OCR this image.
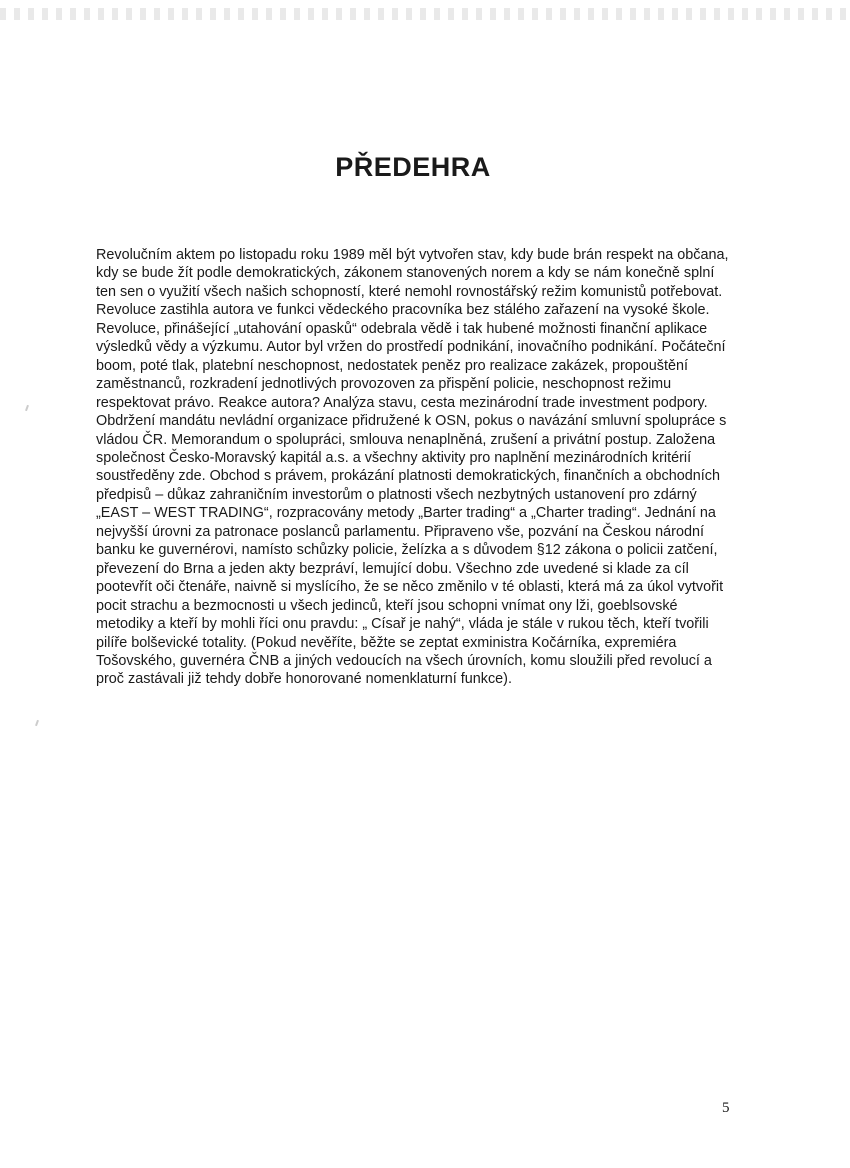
PŘEDEHRA

Revolučním aktem po listopadu roku 1989 měl být vytvořen stav, kdy bude brán respekt na občana, kdy se bude žít podle demokratických, zákonem stanovených norem a kdy se nám konečně splní ten sen o využití všech našich schopností, které nemohl rovnostářský režim komunistů potřebovat. Revoluce zastihla autora ve funkci vědeckého pracovníka bez stálého zařazení na vysoké škole. Revoluce, přinášející „utahování opasků“ odebrala vědě i tak hubené možnosti finanční aplikace výsledků vědy a výzkumu. Autor byl vržen do prostředí podnikání, inovačního podnikání. Počáteční boom, poté tlak, platební neschopnost, nedostatek peněz pro realizace zakázek, propouštění zaměstnanců, rozkradení jednotlivých provozoven za přispění policie, neschopnost režimu respektovat právo. Reakce autora? Analýza stavu, cesta mezinárodní trade investment podpory. Obdržení mandátu nevládní organizace přidružené k OSN, pokus o navázání smluvní spolupráce s vládou ČR. Memorandum o spolupráci, smlouva nenaplněná, zrušení a privátní postup. Založena společnost Česko-Moravský kapitál a.s. a všechny aktivity pro naplnění mezinárodních kritérií soustředěny zde. Obchod s právem, prokázání platnosti demokratických, finančních a obchodních předpisů – důkaz zahraničním investorům o platnosti všech nezbytných ustanovení pro zdárný „EAST – WEST TRADING“, rozpracovány metody „Barter trading“ a „Charter trading“. Jednání na nejvyšší úrovni za patronace poslanců parlamentu. Připraveno vše, pozvání na Českou národní banku ke guvernérovi, namísto schůzky policie, želízka a s důvodem §12 zákona o policii zatčení, převezení do Brna a jeden akty bezpráví, lemující dobu. Všechno zde uvedené si klade za cíl pootevřít oči čtenáře, naivně si myslícího, že se něco změnilo v té oblasti, která má za úkol vytvořit pocit strachu a bezmocnosti u všech jedinců, kteří jsou schopni vnímat ony lži, goeblsovské metodiky a kteří by mohli říci onu pravdu: „ Císař je nahý“, vláda je stále v rukou těch, kteří tvořili pilíře bolševické totality. (Pokud nevěříte, běžte se zeptat exministra Kočárníka, expremiéra Tošovského, guvernéra ČNB a jiných vedoucích na všech úrovních, komu sloužili před revolucí a proč zastávali již tehdy dobře honorované nomenklaturní funkce).

5
